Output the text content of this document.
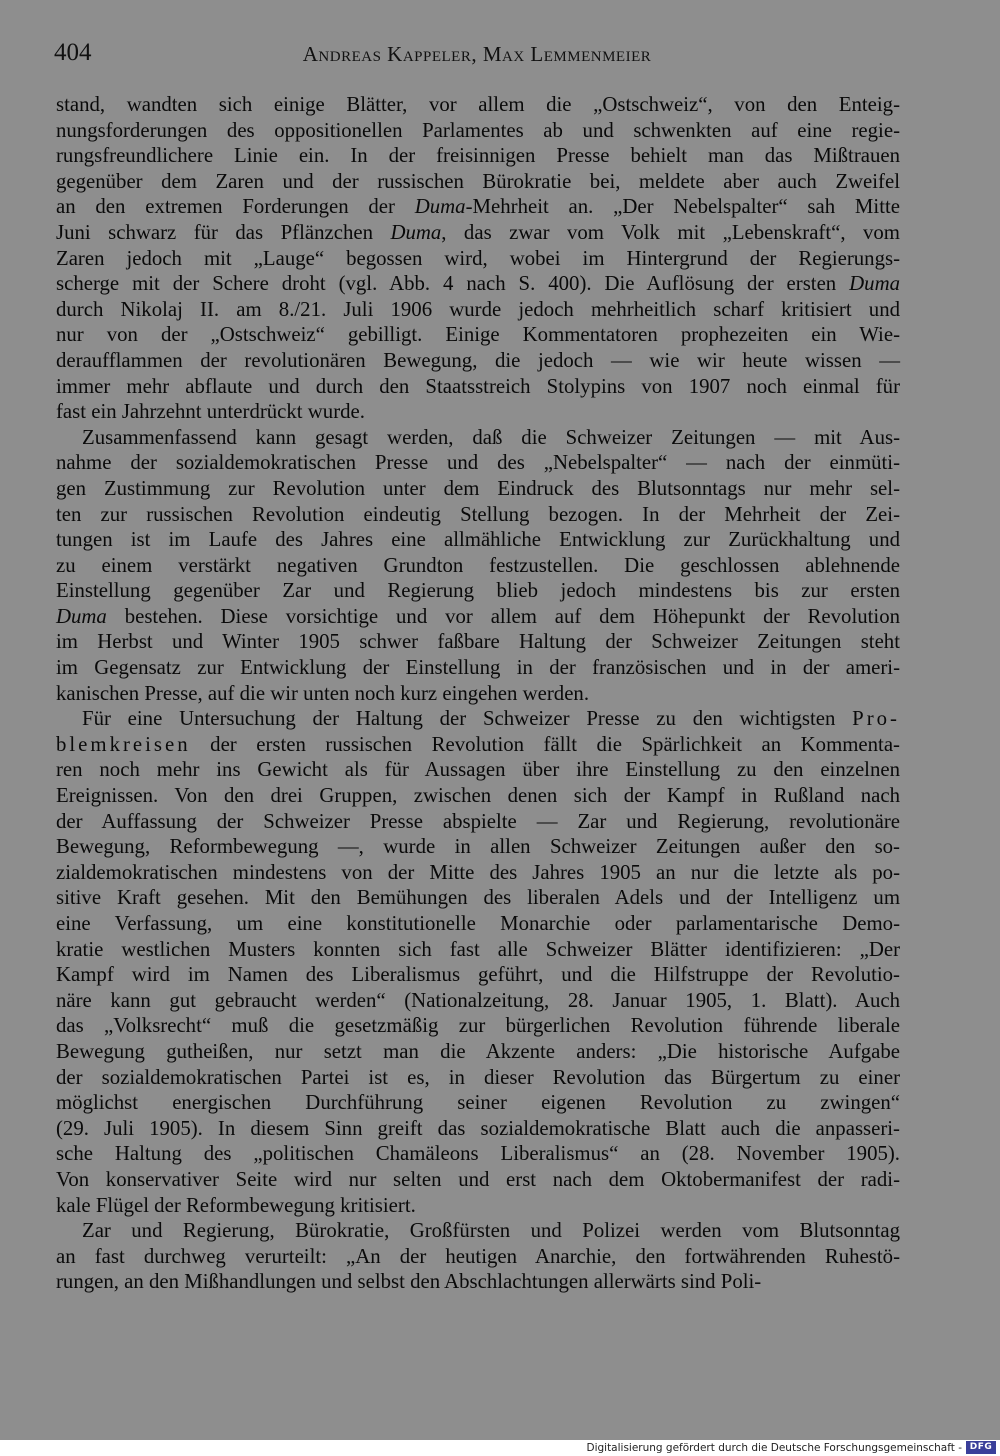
404	Andreas Kappeler, Max Lemmenmeier
stand, wandten sich einige Blätter, vor allem die „Ostschweiz“, von den Enteig-
nungsforderungen des oppositionellen Parlamentes ab und schwenkten auf eine regie-
rungsfreundlichere Linie ein. In der freisinnigen Presse behielt man das Mißtrauen
gegenüber dem Zaren und der russischen Bürokratie bei, meldete aber auch Zweifel
an den extremen Forderungen der Duma-Mehrheit an. „Der Nebelspalter“ sah Mitte
Juni schwarz für das Pflänzchen Duma, das zwar vom Volk mit „Lebenskraft“, vom
Zaren jedoch mit „Lauge“ begossen wird, wobei im Hintergrund der Regierungs-
scherge mit der Schere droht (vgl. Abb. 4 nach S. 400). Die Auflösung der ersten Duma
durch Nikolaj II. am 8./21. Juli 1906 wurde jedoch mehrheitlich scharf kritisiert und
nur von der „Ostschweiz“ gebilligt. Einige Kommentatoren prophezeiten ein Wie-
deraufflammen der revolutionären Bewegung, die jedoch — wie wir heute wissen —
immer mehr abflaute und durch den Staatsstreich Stolypins von 1907 noch einmal für
fast ein Jahrzehnt unterdrückt wurde.
Zusammenfassend kann gesagt werden, daß die Schweizer Zeitungen — mit Aus-
nahme der sozialdemokratischen Presse und des „Nebelspalter“ — nach der einmüti-
gen Zustimmung zur Revolution unter dem Eindruck des Blutsonntags nur mehr sel-
ten zur russischen Revolution eindeutig Stellung bezogen. In der Mehrheit der Zei-
tungen ist im Laufe des Jahres eine allmähliche Entwicklung zur Zurückhaltung und
zu einem verstärkt negativen Grundton festzustellen. Die geschlossen ablehnende
Einstellung gegenüber Zar und Regierung blieb jedoch mindestens bis zur ersten
Duma bestehen. Diese vorsichtige und vor allem auf dem Höhepunkt der Revolution
im Herbst und Winter 1905 schwer faßbare Haltung der Schweizer Zeitungen steht
im Gegensatz zur Entwicklung der Einstellung in der französischen und in der ameri-
kanischen Presse, auf die wir unten noch kurz eingehen werden.
Für eine Untersuchung der Haltung der Schweizer Presse zu den wichtigsten Pro-
blemkreisen der ersten russischen Revolution fällt die Spärlichkeit an Kommenta-
ren noch mehr ins Gewicht als für Aussagen über ihre Einstellung zu den einzelnen
Ereignissen. Von den drei Gruppen, zwischen denen sich der Kampf in Rußland nach
der Auffassung der Schweizer Presse abspielte — Zar und Regierung, revolutionäre
Bewegung, Reformbewegung —, wurde in allen Schweizer Zeitungen außer den so-
zialdemokratischen mindestens von der Mitte des Jahres 1905 an nur die letzte als po-
sitive Kraft gesehen. Mit den Bemühungen des liberalen Adels und der Intelligenz um
eine Verfassung, um eine konstitutionelle Monarchie oder parlamentarische Demo-
kratie westlichen Musters konnten sich fast alle Schweizer Blätter identifizieren: „Der
Kampf wird im Namen des Liberalismus geführt, und die Hilfstruppe der Revolutio-
näre kann gut gebraucht werden“ (Nationalzeitung, 28. Januar 1905, 1. Blatt). Auch
das „Volksrecht“ muß die gesetzmäßig zur bürgerlichen Revolution führende liberale
Bewegung gutheißen, nur setzt man die Akzente anders: „Die historische Aufgabe
der sozialdemokratischen Partei ist es, in dieser Revolution das Bürgertum zu einer
möglichst energischen Durchführung seiner eigenen Revolution zu zwingen“
(29. Juli 1905). In diesem Sinn greift das sozialdemokratische Blatt auch die anpasseri-
sche Haltung des „politischen Chamäleons Liberalismus“ an (28. November 1905).
Von konservativer Seite wird nur selten und erst nach dem Oktobermanifest der radi-
kale Flügel der Reformbewegung kritisiert.
Zar und Regierung, Bürokratie, Großfürsten und Polizei werden vom Blutsonntag
an fast durchweg verurteilt: „An der heutigen Anarchie, den fortwährenden Ruhestö-
rungen, an den Mißhandlungen und selbst den Abschlachtungen allerwärts sind Poli-
Digitalisierung gefördert durch die Deutsche Forschungsgemeinschaft - DFG
